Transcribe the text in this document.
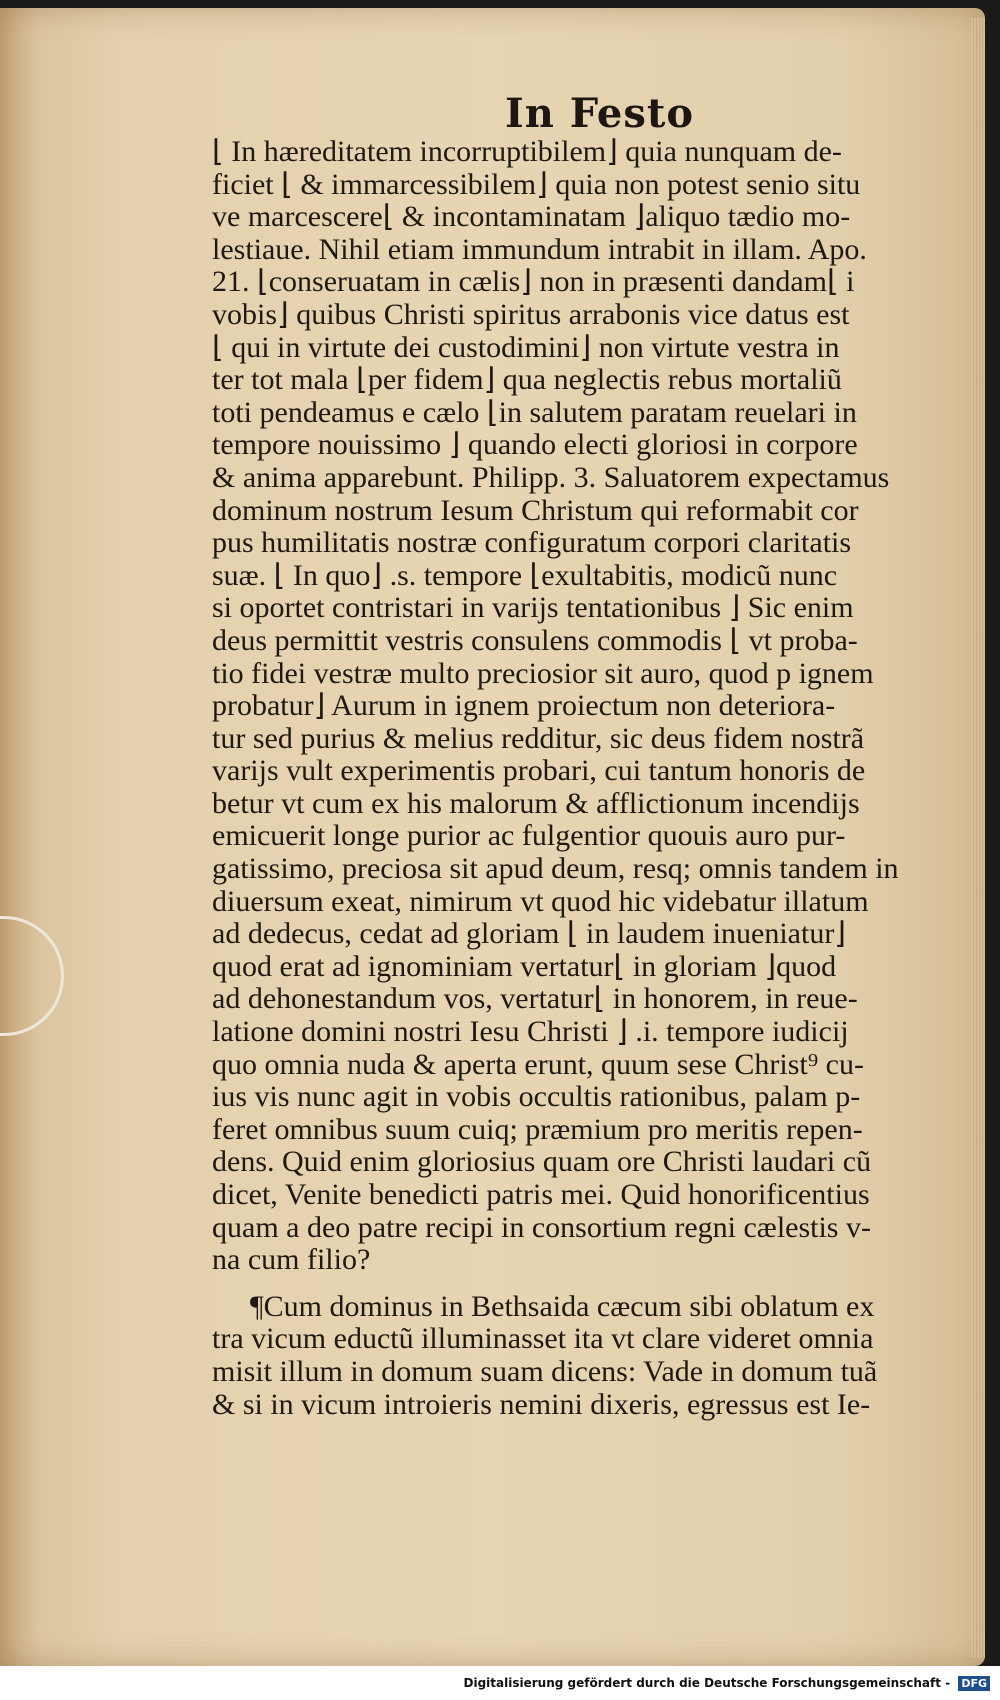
In Festo
⌊ In hæreditatem incorruptibilem⌋ quia nunquam de-
ficiet ⌊ & immarcessibilem⌋ quia non potest senio situ
ve marcescere⌊ & incontaminatam ⌋aliquo tædio mo-
lestiaue. Nihil etiam immundum intrabit in illam. Apo.
21. ⌊conseruatam in cælis⌋ non in præsenti dandam⌊ i
vobis⌋ quibus Christi spiritus arrabonis vice datus est
⌊ qui in virtute dei custodimini⌋ non virtute vestra in
ter tot mala ⌊per fidem⌋ qua neglectis rebus mortaliũ
toti pendeamus e cælo ⌊in salutem paratam reuelari in
tempore nouissimo ⌋ quando electi gloriosi in corpore
& anima apparebunt. Philipp. 3. Saluatorem expectamus
dominum nostrum Iesum Christum qui reformabit cor
pus humilitatis nostræ configuratum corpori claritatis
suæ. ⌊ In quo⌋ .s. tempore ⌊exultabitis, modicũ nunc
si oportet contristari in varijs tentationibus ⌋ Sic enim
deus permittit vestris consulens commodis ⌊ vt proba-
tio fidei vestræ multo preciosior sit auro, quod p ignem
probatur⌋ Aurum in ignem proiectum non deteriora-
tur sed purius & melius redditur, sic deus fidem nostrã
varijs vult experimentis probari, cui tantum honoris de
betur vt cum ex his malorum & afflictionum incendijs
emicuerit longe purior ac fulgentior quouis auro pur-
gatissimo, preciosa sit apud deum, resq; omnis tandem in
diuersum exeat, nimirum vt quod hic videbatur illatum
ad dedecus, cedat ad gloriam ⌊ in laudem inueniatur⌋
quod erat ad ignominiam vertatur⌊ in gloriam ⌋quod
ad dehonestandum vos, vertatur⌊ in honorem, in reue-
latione domini nostri Iesu Christi ⌋ .i. tempore iudicij
quo omnia nuda & aperta erunt, quum sese Christ⁹ cu-
ius vis nunc agit in vobis occultis rationibus, palam p-
feret omnibus suum cuiq; præmium pro meritis repen-
dens. Quid enim gloriosius quam ore Christi laudari cũ
dicet, Venite benedicti patris mei. Quid honorificentius
quam a deo patre recipi in consortium regni cælestis v-
na cum filio?
¶Cum dominus in Bethsaida cæcum sibi oblatum ex
tra vicum eductũ illuminasset ita vt clare videret omnia
misit illum in domum suam dicens: Vade in domum tuã
& si in vicum introieris nemini dixeris, egressus est Ie-
Digitalisierung gefördert durch die Deutsche Forschungsgemeinschaft - DFG
